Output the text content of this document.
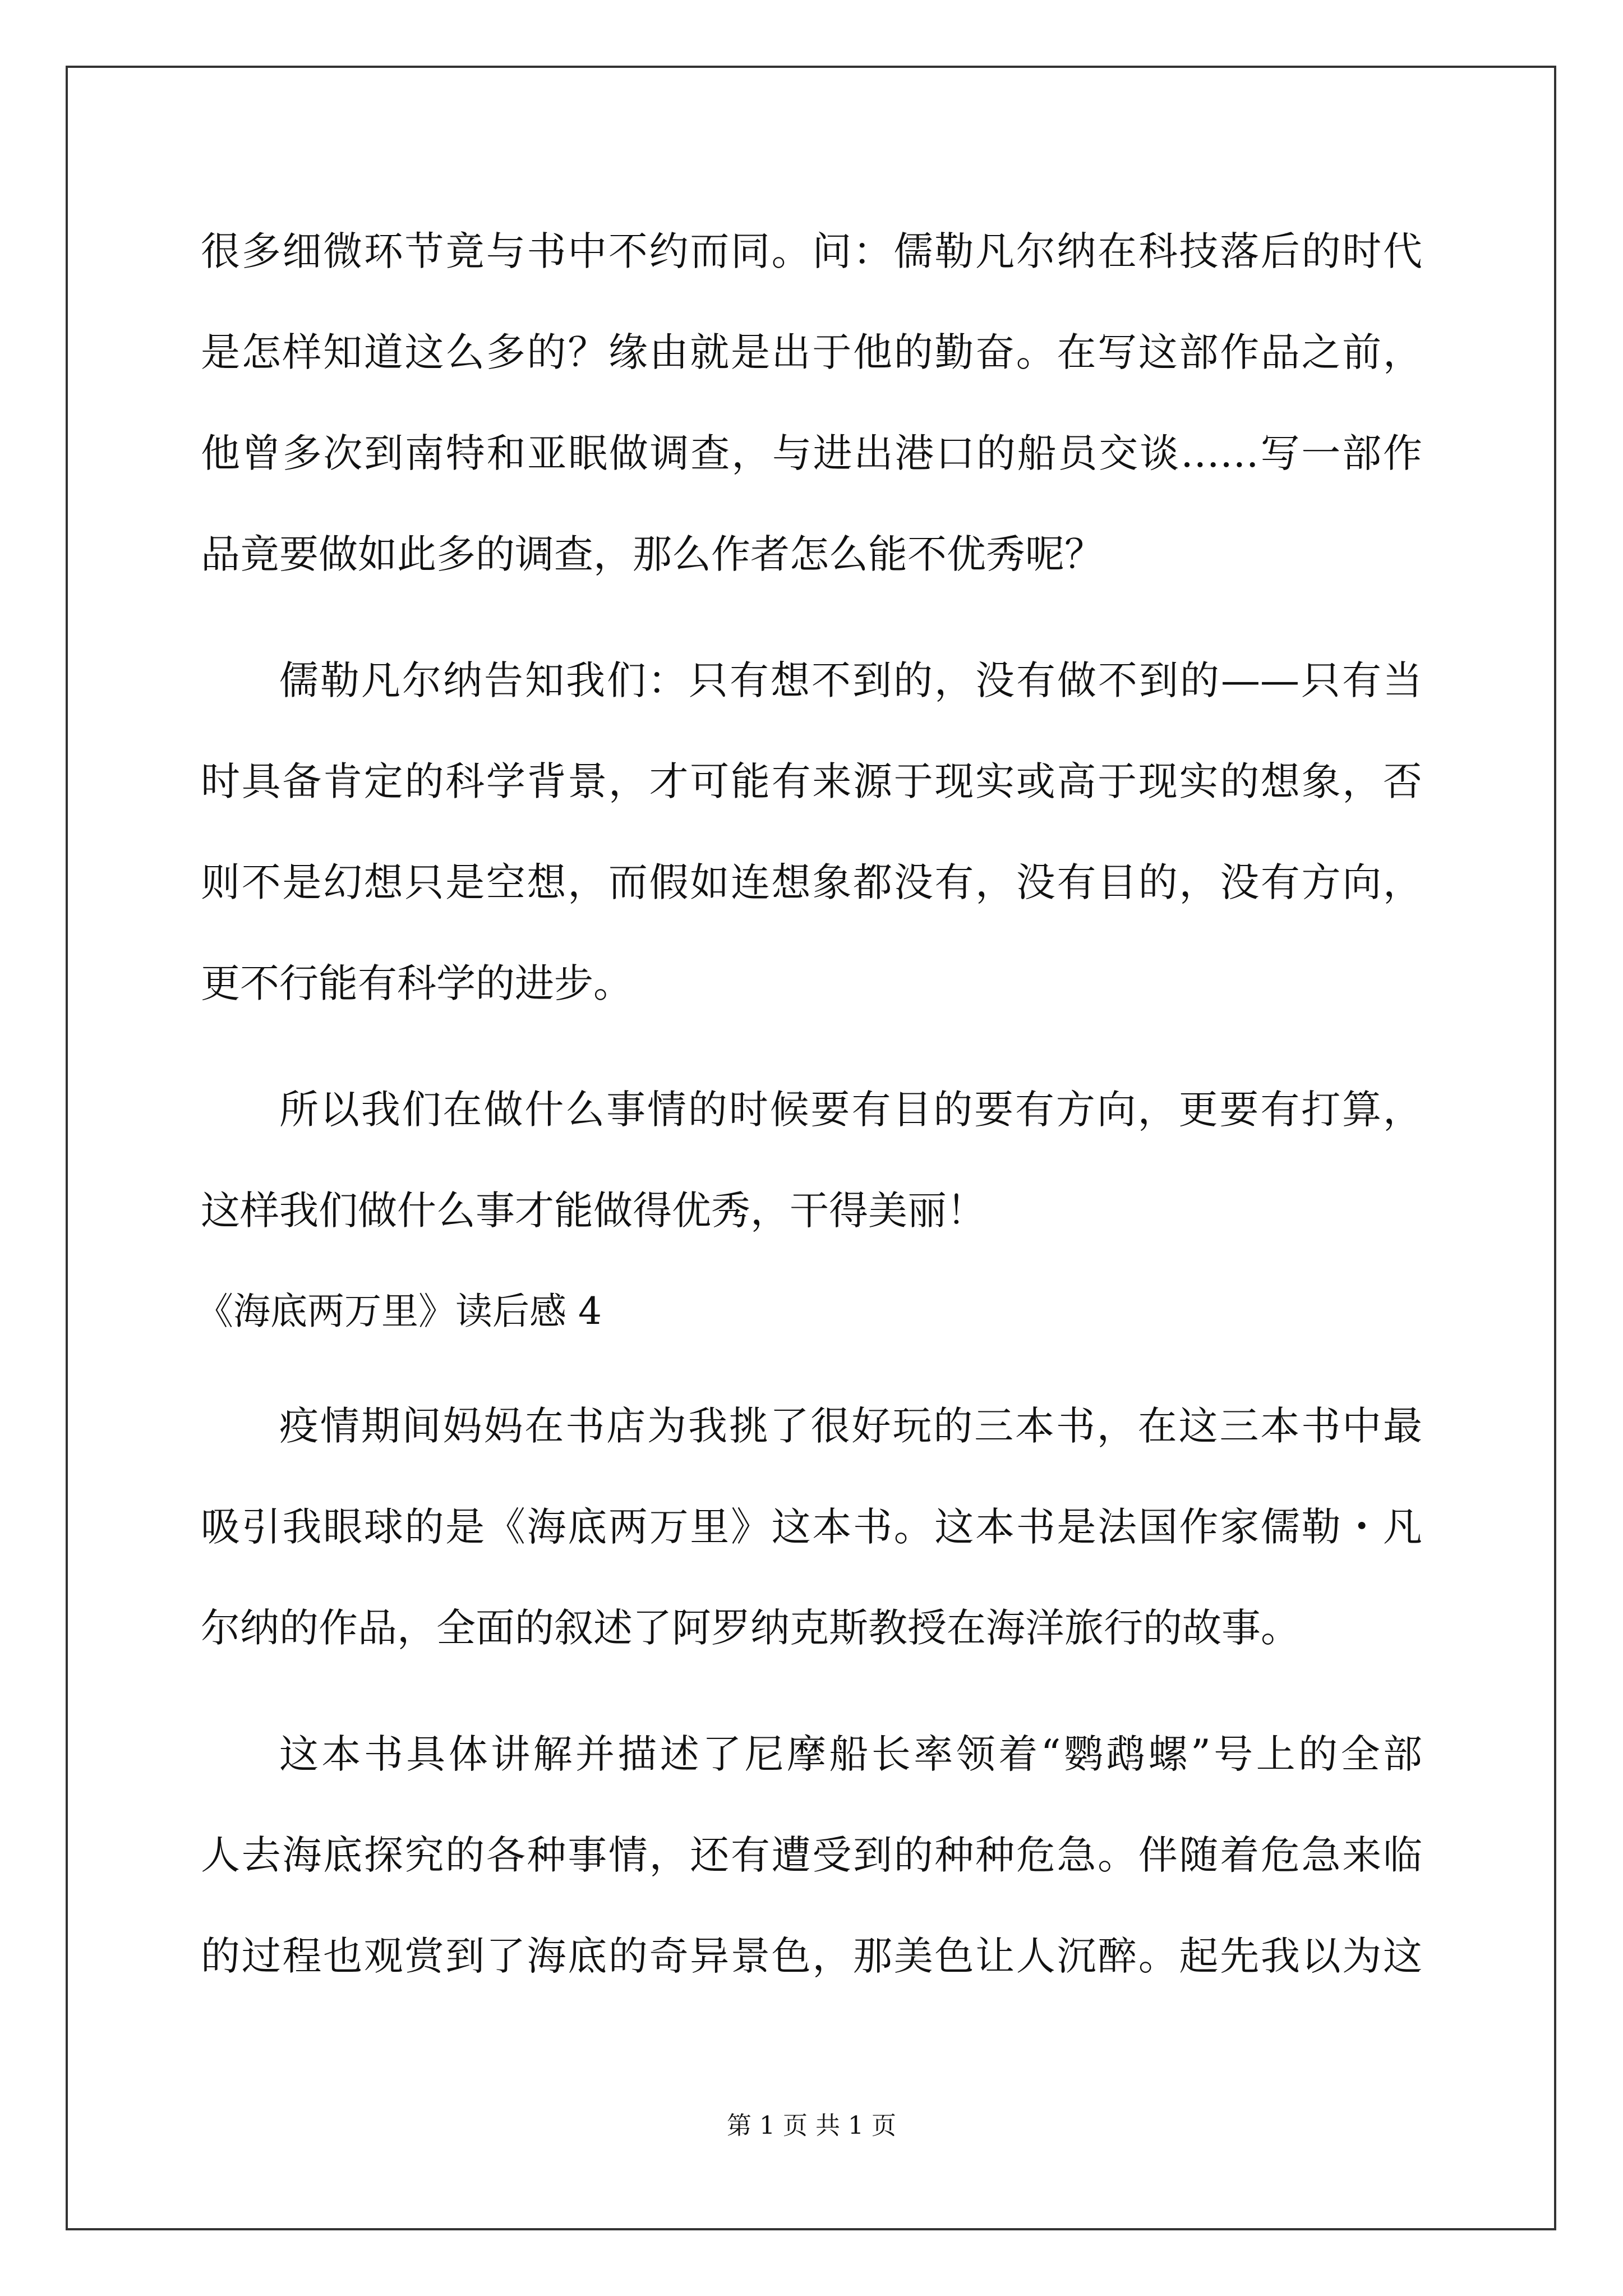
很多细微环节竟与书中不约而同。问：儒勒凡尔纳在科技落后的时代
是怎样知道这么多的？缘由就是出于他的勤奋。在写这部作品之前，
他曾多次到南特和亚眠做调查，与进出港口的船员交谈……写一部作
品竟要做如此多的调查，那么作者怎么能不优秀呢？
儒勒凡尔纳告知我们：只有想不到的，没有做不到的——只有当
时具备肯定的科学背景，才可能有来源于现实或高于现实的想象，否
则不是幻想只是空想，而假如连想象都没有，没有目的，没有方向，
更不行能有科学的进步。
所以我们在做什么事情的时候要有目的要有方向，更要有打算，
这样我们做什么事才能做得优秀，干得美丽！
《海底两万里》读后感 4
疫情期间妈妈在书店为我挑了很好玩的三本书，在这三本书中最
吸引我眼球的是《海底两万里》这本书。这本书是法国作家儒勒・凡
尔纳的作品，全面的叙述了阿罗纳克斯教授在海洋旅行的故事。
这本书具体讲解并描述了尼摩船长率领着“鹦鹉螺”号上的全部
人去海底探究的各种事情，还有遭受到的种种危急。伴随着危急来临
的过程也观赏到了海底的奇异景色，那美色让人沉醉。起先我以为这
第 1 页 共 1 页
